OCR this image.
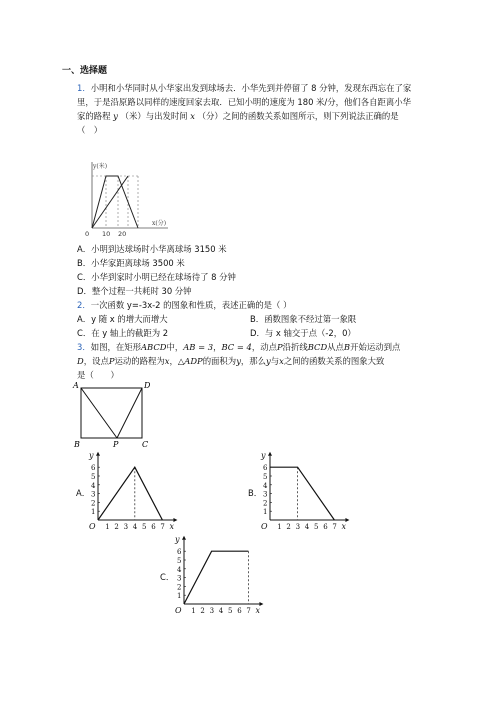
一、选择题
1．小明和小华同时从小华家出发到球场去．小华先到并停留了 8 分钟，发现东西忘在了家
里，于是沿原路以同样的速度回家去取．已知小明的速度为 180 米/分，他们各自距离小华
家的路程 y （米）与出发时间 x （分）之间的函数关系如图所示，则下列说法正确的是
（　）
y(米)
x(分)
0 10 20
A．小明到达球场时小华离球场 3150 米
B．小华家距离球场 3500 米
C．小华到家时小明已经在球场待了 8 分钟
D．整个过程一共耗时 30 分钟
2．一次函数 y=-3x-2 的图象和性质，表述正确的是（ ）
A．y 随 x 的增大而增大	B．函数图象不经过第一象限
C．在 y 轴上的截距为 2	D．与 x 轴交于点（-2，0）
3．如图，在矩形ABCD中，AB = 3，BC = 4，动点P沿折线BCD从点B开始运动到点
D，设点P运动的路程为x，△ADP的面积为y，那么y与x之间的函数关系的图象大致
是（　　）
A	D
B	P	C
A．	B．
C．
1
2
3
4
5
6
1 2 3 4 5 6 7
O	x
y
1
2
3
4
5
6
1 2 3 4 5 6 7
O	x
y
1
2
3
4
5
6
1 2 3 4 5 6 7
O	x
y
